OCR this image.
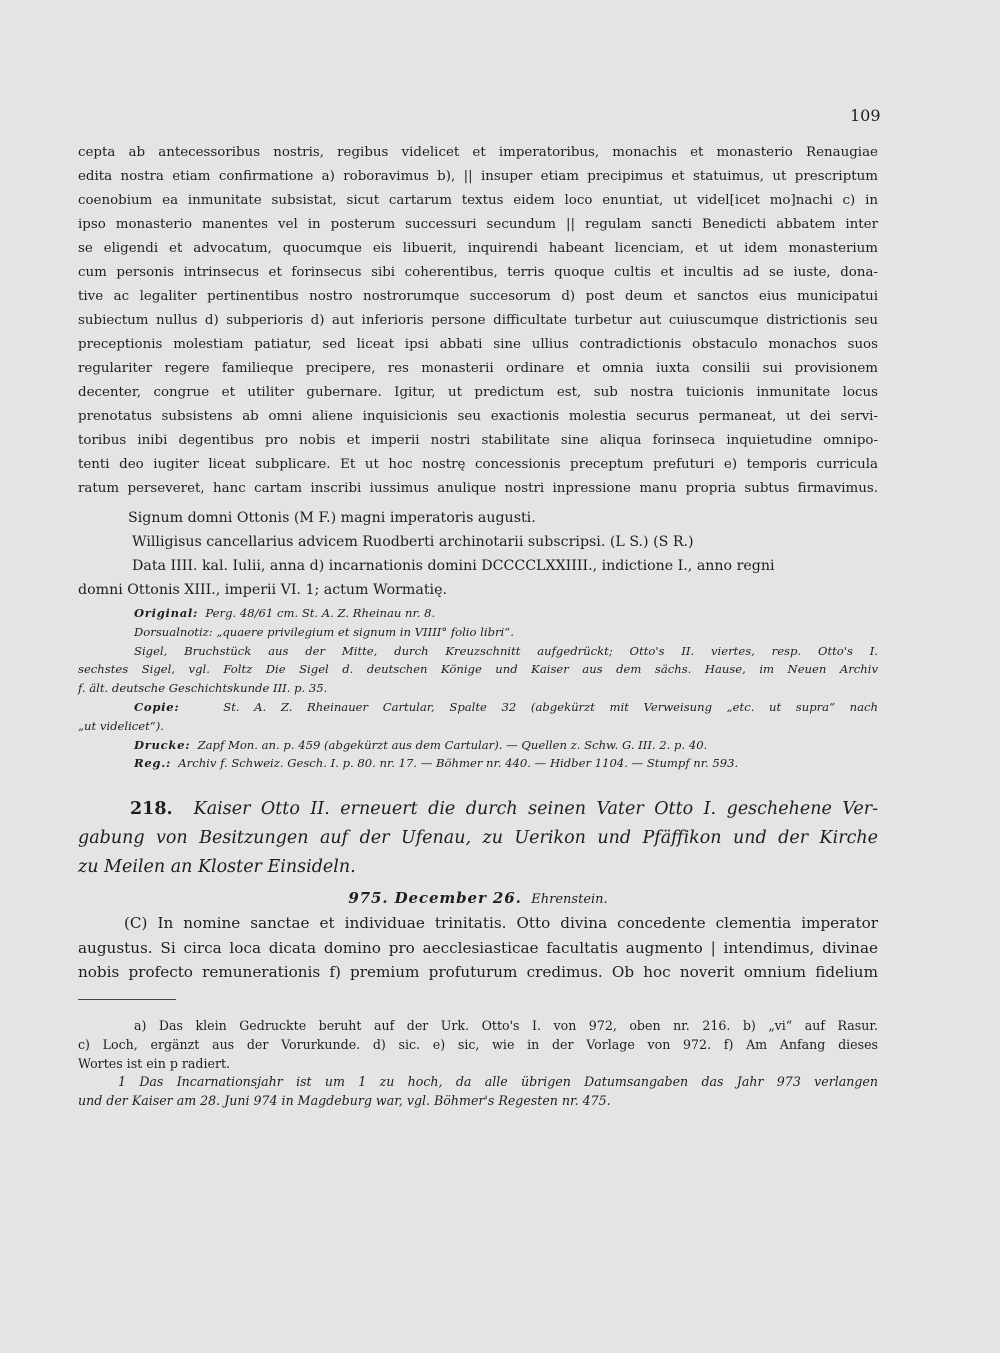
109
cepta ab antecessoribus nostris, regibus videlicet et imperatoribus, monachis et monasterio Renaugiae
edita nostra etiam confirmatione a) roboravimus b), || insuper etiam precipimus et statuimus, ut prescriptum
coenobium ea inmunitate subsistat, sicut cartarum textus eidem loco enuntiat, ut videl[icet mo]nachi c) in
ipso monasterio manentes vel in posterum successuri secundum || regulam sancti Benedicti abbatem inter
se eligendi et advocatum, quocumque eis libuerit, inquirendi habeant licenciam, et ut idem monasterium
cum personis intrinsecus et forinsecus sibi coherentibus, terris quoque cultis et incultis ad se iuste, dona-
tive ac legaliter pertinentibus nostro nostrorumque succesorum d) post deum et sanctos eius municipatui
subiectum nullus d) subperioris d) aut inferioris persone difficultate turbetur aut cuiuscumque districtionis seu
preceptionis molestiam patiatur, sed liceat ipsi abbati sine ullius contradictionis obstaculo monachos suos
regulariter regere familieque precipere, res monasterii ordinare et omnia iuxta consilii sui provisionem
decenter, congrue et utiliter gubernare. Igitur, ut predictum est, sub nostra tuicionis inmunitate locus
prenotatus subsistens ab omni aliene inquisicionis seu exactionis molestia securus permaneat, ut dei servi-
toribus inibi degentibus pro nobis et imperii nostri stabilitate sine aliqua forinseca inquietudine omnipo-
tenti deo iugiter liceat subplicare. Et ut hoc nostrę concessionis preceptum prefuturi e) temporis curricula
ratum perseveret, hanc cartam inscribi iussimus anulique nostri inpressione manu propria subtus firmavimus.
Signum domni Ottonis (M F.) magni imperatoris augusti.
Willigisus cancellarius advicem Ruodberti archinotarii subscripsi. (L S.) (S R.)
Data IIII. kal. Iulii, anna d) incarnationis domini DCCCCLXXIIII., indictione I., anno regni
domni Ottonis XIII., imperii VI. 1; actum Wormatię.
Original: Perg. 48/61 cm. St. A. Z. Rheinau nr. 8.
Dorsualnotiz: „quaere privilegium et signum in VIIII° folio libri“.
Sigel, Bruchstück aus der Mitte, durch Kreuzschnitt aufgedrückt; Otto's II. viertes, resp. Otto's I.
sechstes Sigel, vgl. Foltz Die Sigel d. deutschen Könige und Kaiser aus dem sächs. Hause, im Neuen Archiv
f. ält. deutsche Geschichtskunde III. p. 35.
Copie:	St. A. Z. Rheinauer Cartular, Spalte 32 (abgekürzt mit Verweisung „etc. ut supra“ nach
„ut videlicet“).
Drucke: Zapf Mon. an. p. 459 (abgekürzt aus dem Cartular). — Quellen z. Schw. G. III. 2. p. 40.
Reg.: Archiv f. Schweiz. Gesch. I. p. 80. nr. 17. — Böhmer nr. 440. — Hidber 1104. — Stumpf nr. 593.
218. Kaiser Otto II. erneuert die durch seinen Vater Otto I. geschehene Ver-
gabung von Besitzungen auf der Ufenau, zu Uerikon und Pfäffikon und der Kirche
zu Meilen an Kloster Einsideln.
975. December 26. Ehrenstein.
(C) In nomine sanctae et individuae trinitatis. Otto divina concedente clementia imperator
augustus. Si circa loca dicata domino pro aecclesiasticae facultatis augmento | intendimus, divinae
nobis profecto remunerationis f) premium profuturum credimus. Ob hoc noverit omnium fidelium
a) Das klein Gedruckte beruht auf der Urk. Otto's I. von 972, oben nr. 216. b) „vi“ auf Rasur.
c) Loch, ergänzt aus der Vorurkunde. d) sic. e) sic, wie in der Vorlage von 972. f) Am Anfang dieses
Wortes ist ein p radiert.
1 Das Incarnationsjahr ist um 1 zu hoch, da alle übrigen Datumsangaben das Jahr 973 verlangen
und der Kaiser am 28. Juni 974 in Magdeburg war, vgl. Böhmer's Regesten nr. 475.
